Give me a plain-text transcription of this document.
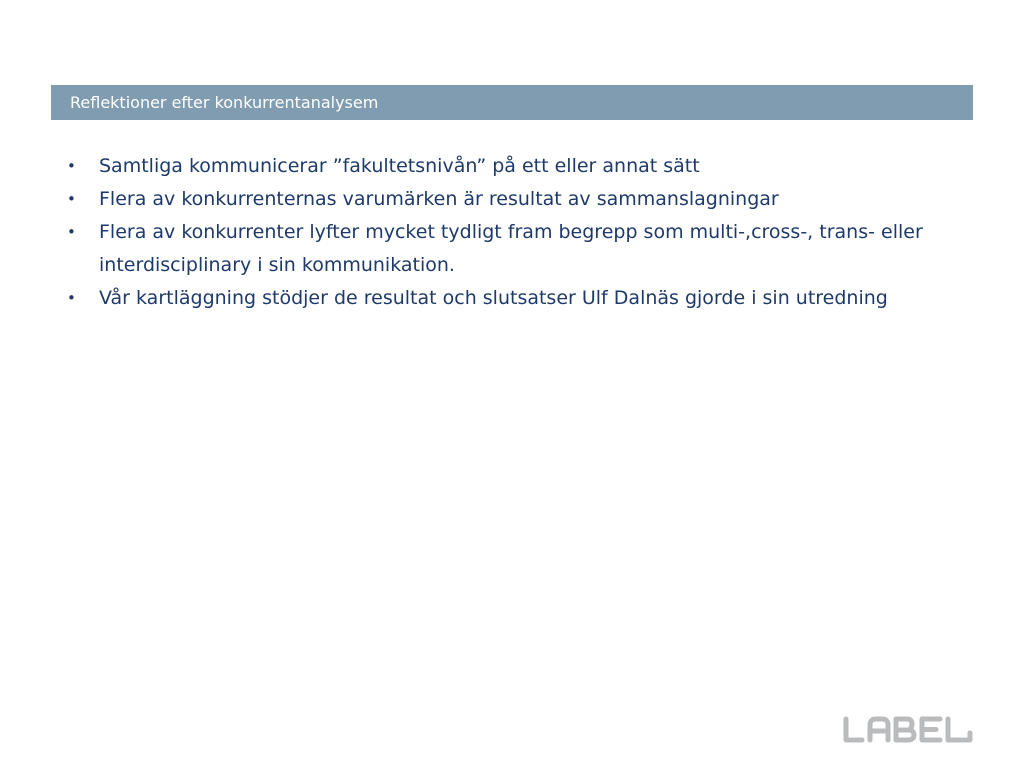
Reflektioner efter konkurrentanalysem
• Samtliga kommunicerar ”fakultetsnivån” på ett eller annat sätt
• Flera av konkurrenternas varumärken är resultat av sammanslagningar
• Flera av konkurrenter lyfter mycket tydligt fram begrepp som multi-,cross-, trans- eller interdisciplinary i sin kommunikation.
• Vår kartläggning stödjer de resultat och slutsatser Ulf Dalnäs gjorde i sin utredning
